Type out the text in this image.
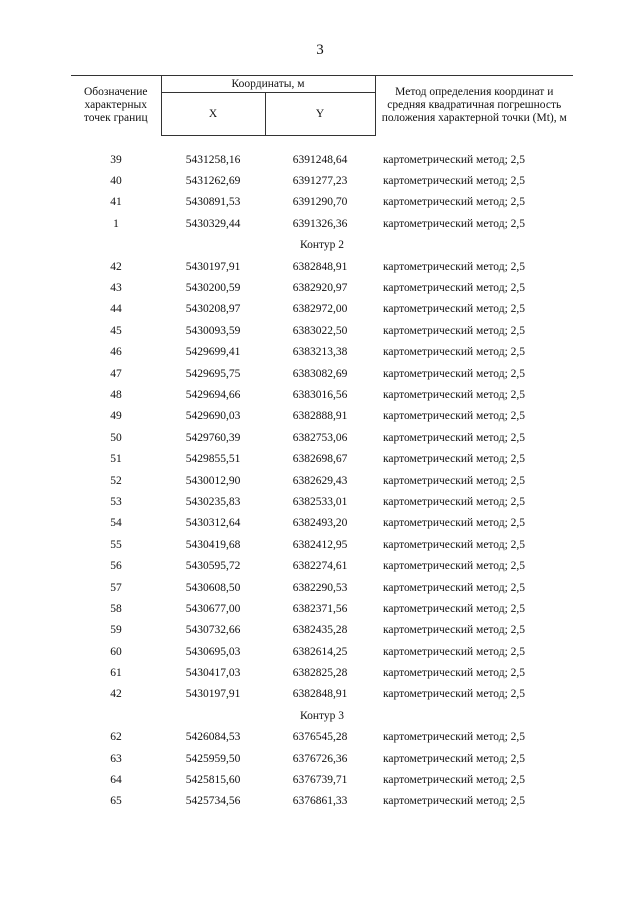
3
Обозначение характерных точек границ	Координаты, м		Метод определения координат и средняя квадратичная погрешность положения характерной точки (Mt), м
	X	Y	

39	5431258,16	6391248,64	картометрический метод; 2,5
40	5431262,69	6391277,23	картометрический метод; 2,5
41	5430891,53	6391290,70	картометрический метод; 2,5
1	5430329,44	6391326,36	картометрический метод; 2,5
Контур 2			
42	5430197,91	6382848,91	картометрический метод; 2,5
43	5430200,59	6382920,97	картометрический метод; 2,5
44	5430208,97	6382972,00	картометрический метод; 2,5
45	5430093,59	6383022,50	картометрический метод; 2,5
46	5429699,41	6383213,38	картометрический метод; 2,5
47	5429695,75	6383082,69	картометрический метод; 2,5
48	5429694,66	6383016,56	картометрический метод; 2,5
49	5429690,03	6382888,91	картометрический метод; 2,5
50	5429760,39	6382753,06	картометрический метод; 2,5
51	5429855,51	6382698,67	картометрический метод; 2,5
52	5430012,90	6382629,43	картометрический метод; 2,5
53	5430235,83	6382533,01	картометрический метод; 2,5
54	5430312,64	6382493,20	картометрический метод; 2,5
55	5430419,68	6382412,95	картометрический метод; 2,5
56	5430595,72	6382274,61	картометрический метод; 2,5
57	5430608,50	6382290,53	картометрический метод; 2,5
58	5430677,00	6382371,56	картометрический метод; 2,5
59	5430732,66	6382435,28	картометрический метод; 2,5
60	5430695,03	6382614,25	картометрический метод; 2,5
61	5430417,03	6382825,28	картометрический метод; 2,5
42	5430197,91	6382848,91	картометрический метод; 2,5
Контур 3			
62	5426084,53	6376545,28	картометрический метод; 2,5
63	5425959,50	6376726,36	картометрический метод; 2,5
64	5425815,60	6376739,71	картометрический метод; 2,5
65	5425734,56	6376861,33	картометрический метод; 2,5
